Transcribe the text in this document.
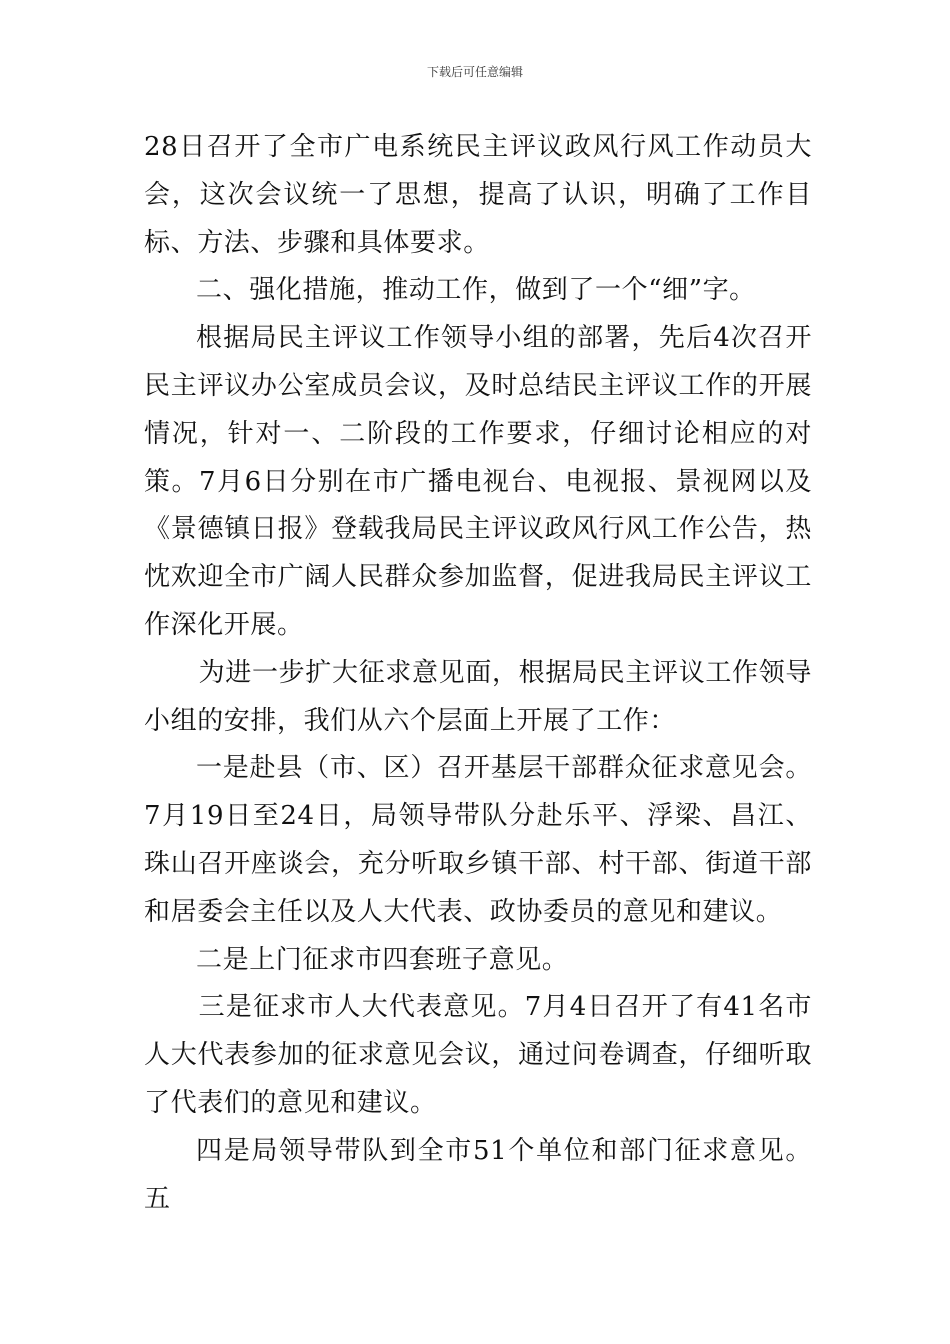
下载后可任意编辑

28日召开了全市广电系统民主评议政风行风工作动员大会，这次会议统一了思想，提高了认识，明确了工作目标、方法、步骤和具体要求。

二、强化措施，推动工作，做到了一个“细”字。

根据局民主评议工作领导小组的部署，先后4次召开民主评议办公室成员会议，及时总结民主评议工作的开展情况，针对一、二阶段的工作要求，仔细讨论相应的对策。7月6日分别在市广播电视台、电视报、景视网以及《景德镇日报》登载我局民主评议政风行风工作公告，热忱欢迎全市广阔人民群众参加监督，促进我局民主评议工作深化开展。

为进一步扩大征求意见面，根据局民主评议工作领导小组的安排，我们从六个层面上开展了工作：

一是赴县（市、区）召开基层干部群众征求意见会。7月19日至24日，局领导带队分赴乐平、浮梁、昌江、珠山召开座谈会，充分听取乡镇干部、村干部、街道干部和居委会主任以及人大代表、政协委员的意见和建议。

二是上门征求市四套班子意见。

三是征求市人大代表意见。7月4日召开了有41名市人大代表参加的征求意见会议，通过问卷调查，仔细听取了代表们的意见和建议。

四是局领导带队到全市51个单位和部门征求意见。五
